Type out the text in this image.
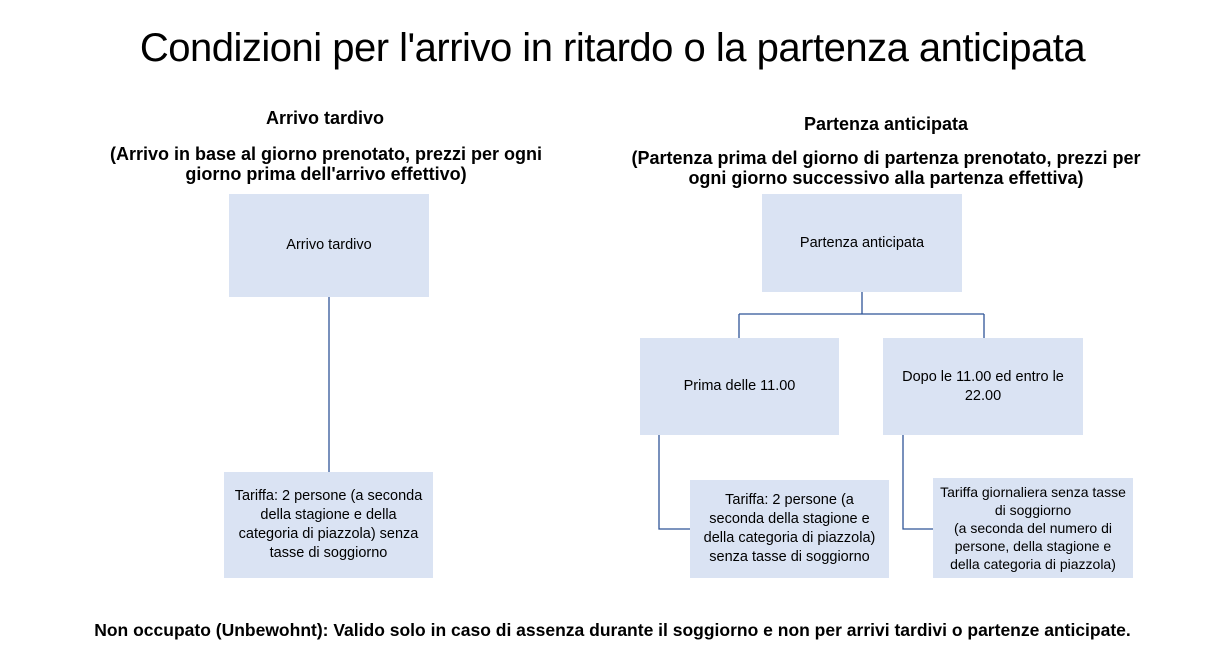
Condizioni per l'arrivo in ritardo o la partenza anticipata
Arrivo tardivo
(Arrivo in base al giorno prenotato, prezzi per ogni giorno prima dell'arrivo effettivo)
Partenza anticipata
(Partenza prima del giorno di partenza prenotato, prezzi per ogni giorno successivo alla partenza effettiva)
Arrivo tardivo
Tariffa: 2 persone (a seconda della stagione e della categoria di piazzola) senza tasse di soggiorno
Partenza anticipata
Prima delle 11.00
Dopo le 11.00 ed entro le 22.00
Tariffa: 2 persone (a seconda della stagione e della categoria di piazzola) senza tasse di soggiorno
Tariffa giornaliera senza tasse di soggiorno
(a seconda del numero di persone, della stagione e della categoria di piazzola)
Non occupato (Unbewohnt): Valido solo in caso di assenza durante il soggiorno e non per arrivi tardivi o partenze anticipate.
